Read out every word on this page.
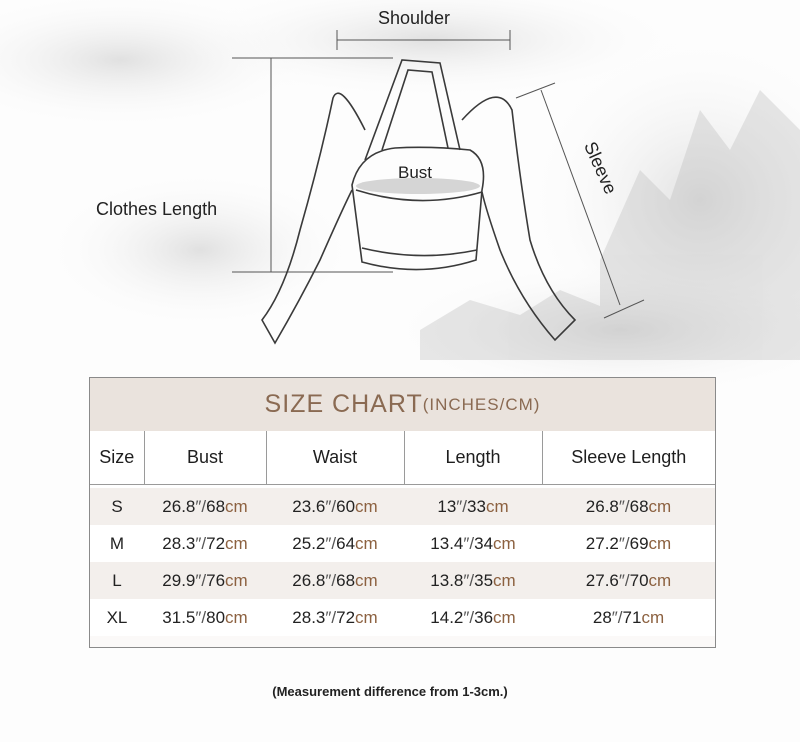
Shoulder
Bust
Clothes Length
Sleeve
SIZE CHART (INCHES/CM)
Size	Bust	Waist	Length	Sleeve Length

S	26.8″/68cm	23.6″/60cm	13″/33cm	26.8″/68cm
M	28.3″/72cm	25.2″/64cm	13.4″/34cm	27.2″/69cm
L	29.9″/76cm	26.8″/68cm	13.8″/35cm	27.6″/70cm
XL	31.5″/80cm	28.3″/72cm	14.2″/36cm	28″/71cm
(Measurement difference from 1-3cm.)
